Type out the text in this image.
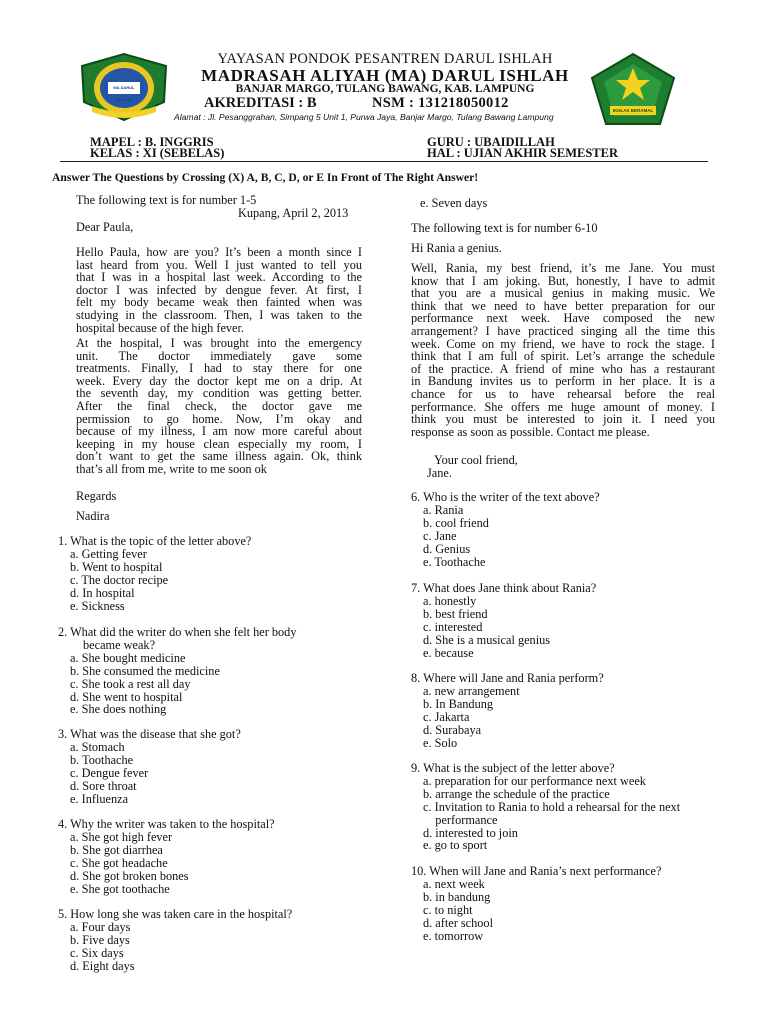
MA DARUL ISHLAH
IKHLAS BERAMAL
YAYASAN PONDOK PESANTREN DARUL ISHLAH
MADRASAH ALIYAH (MA) DARUL ISHLAH
BANJAR MARGO, TULANG BAWANG, KAB. LAMPUNG
AKREDITASI : B	NSM : 131218050012
Alamat : Jl. Pesanggrahan, Simpang 5 Unit 1, Purwa Jaya, Banjar Margo, Tulang Bawang Lampung
MAPEL : B. INGGRIS
KELAS : XI (SEBELAS)
GURU : UBAIDILLAH
HAL : UJIAN AKHIR SEMESTER
Answer The Questions by Crossing (X) A, B, C, D, or E In Front of The Right Answer!
The following text is for number 1-5
Kupang, April 2, 2013
Dear Paula,
Hello Paula, how are you? It’s been a month since I
last heard from you. Well I just wanted to tell you
that I was in a hospital last week. According to the
doctor I was infected by dengue fever. At first, I
felt my body became weak then fainted when was
studying in the classroom. Then, I was taken to the
hospital because of the high fever.
At the hospital, I was brought into the emergency
unit. The doctor immediately gave some
treatments. Finally, I had to stay there for one
week. Every day the doctor kept me on a drip. At
the seventh day, my condition was getting better.
After the final check, the doctor gave me
permission to go home. Now, I’m okay and
because of my illness, I am now more careful about
keeping in my house clean especially my room, I
don’t want to get the same illness again. Ok, think
that’s all from me, write to me soon ok
Regards
Nadira
1. What is the topic of the letter above?
a. Getting fever
b. Went to hospital
c. The doctor recipe
d. In hospital
e. Sickness
2. What did the writer do when she felt her body
became weak?
a. She bought medicine
b. She consumed the medicine
c. She took a rest all day
d. She went to hospital
e. She does nothing
3. What was the disease that she got?
a. Stomach
b. Toothache
c. Dengue fever
d. Sore throat
e. Influenza
4. Why the writer was taken to the hospital?
a. She got high fever
b. She got diarrhea
c. She got headache
d. She got broken bones
e. She got toothache
5. How long she was taken care in the hospital?
a. Four days
b. Five days
c. Six days
d. Eight days
e. Seven days
The following text is for number 6-10
Hi Rania a genius.
Well, Rania, my best friend, it’s me Jane. You must
know that I am joking. But, honestly, I have to admit
that you are a musical genius in making music. We
think that we need to have better preparation for our
performance next week. Have composed the new
arrangement? I have practiced singing all the time this
week. Come on my friend, we have to rock the stage. I
think that I am full of spirit. Let’s arrange the schedule
of the practice. A friend of mine who has a restaurant
in Bandung invites us to perform in her place. It is a
chance for us to have rehearsal before the real
performance. She offers me huge amount of money. I
think you must be interested to join it. I need you
response as soon as possible. Contact me please.
Your cool friend,
Jane.
6. Who is the writer of the text above?
a. Rania
b. cool friend
c. Jane
d. Genius
e. Toothache
7. What does Jane think about Rania?
a. honestly
b. best friend
c. interested
d. She is a musical genius
e. because
8. Where will Jane and Rania perform?
a. new arrangement
b. In Bandung
c. Jakarta
d. Surabaya
e. Solo
9. What is the subject of the letter above?
a. preparation for our performance next week
b. arrange the schedule of the practice
c. Invitation to Rania to hold a rehearsal for the next
performance
d. interested to join
e. go to sport
10. When will Jane and Rania’s next performance?
a. next week
b. in bandung
c. to night
d. after school
e. tomorrow
